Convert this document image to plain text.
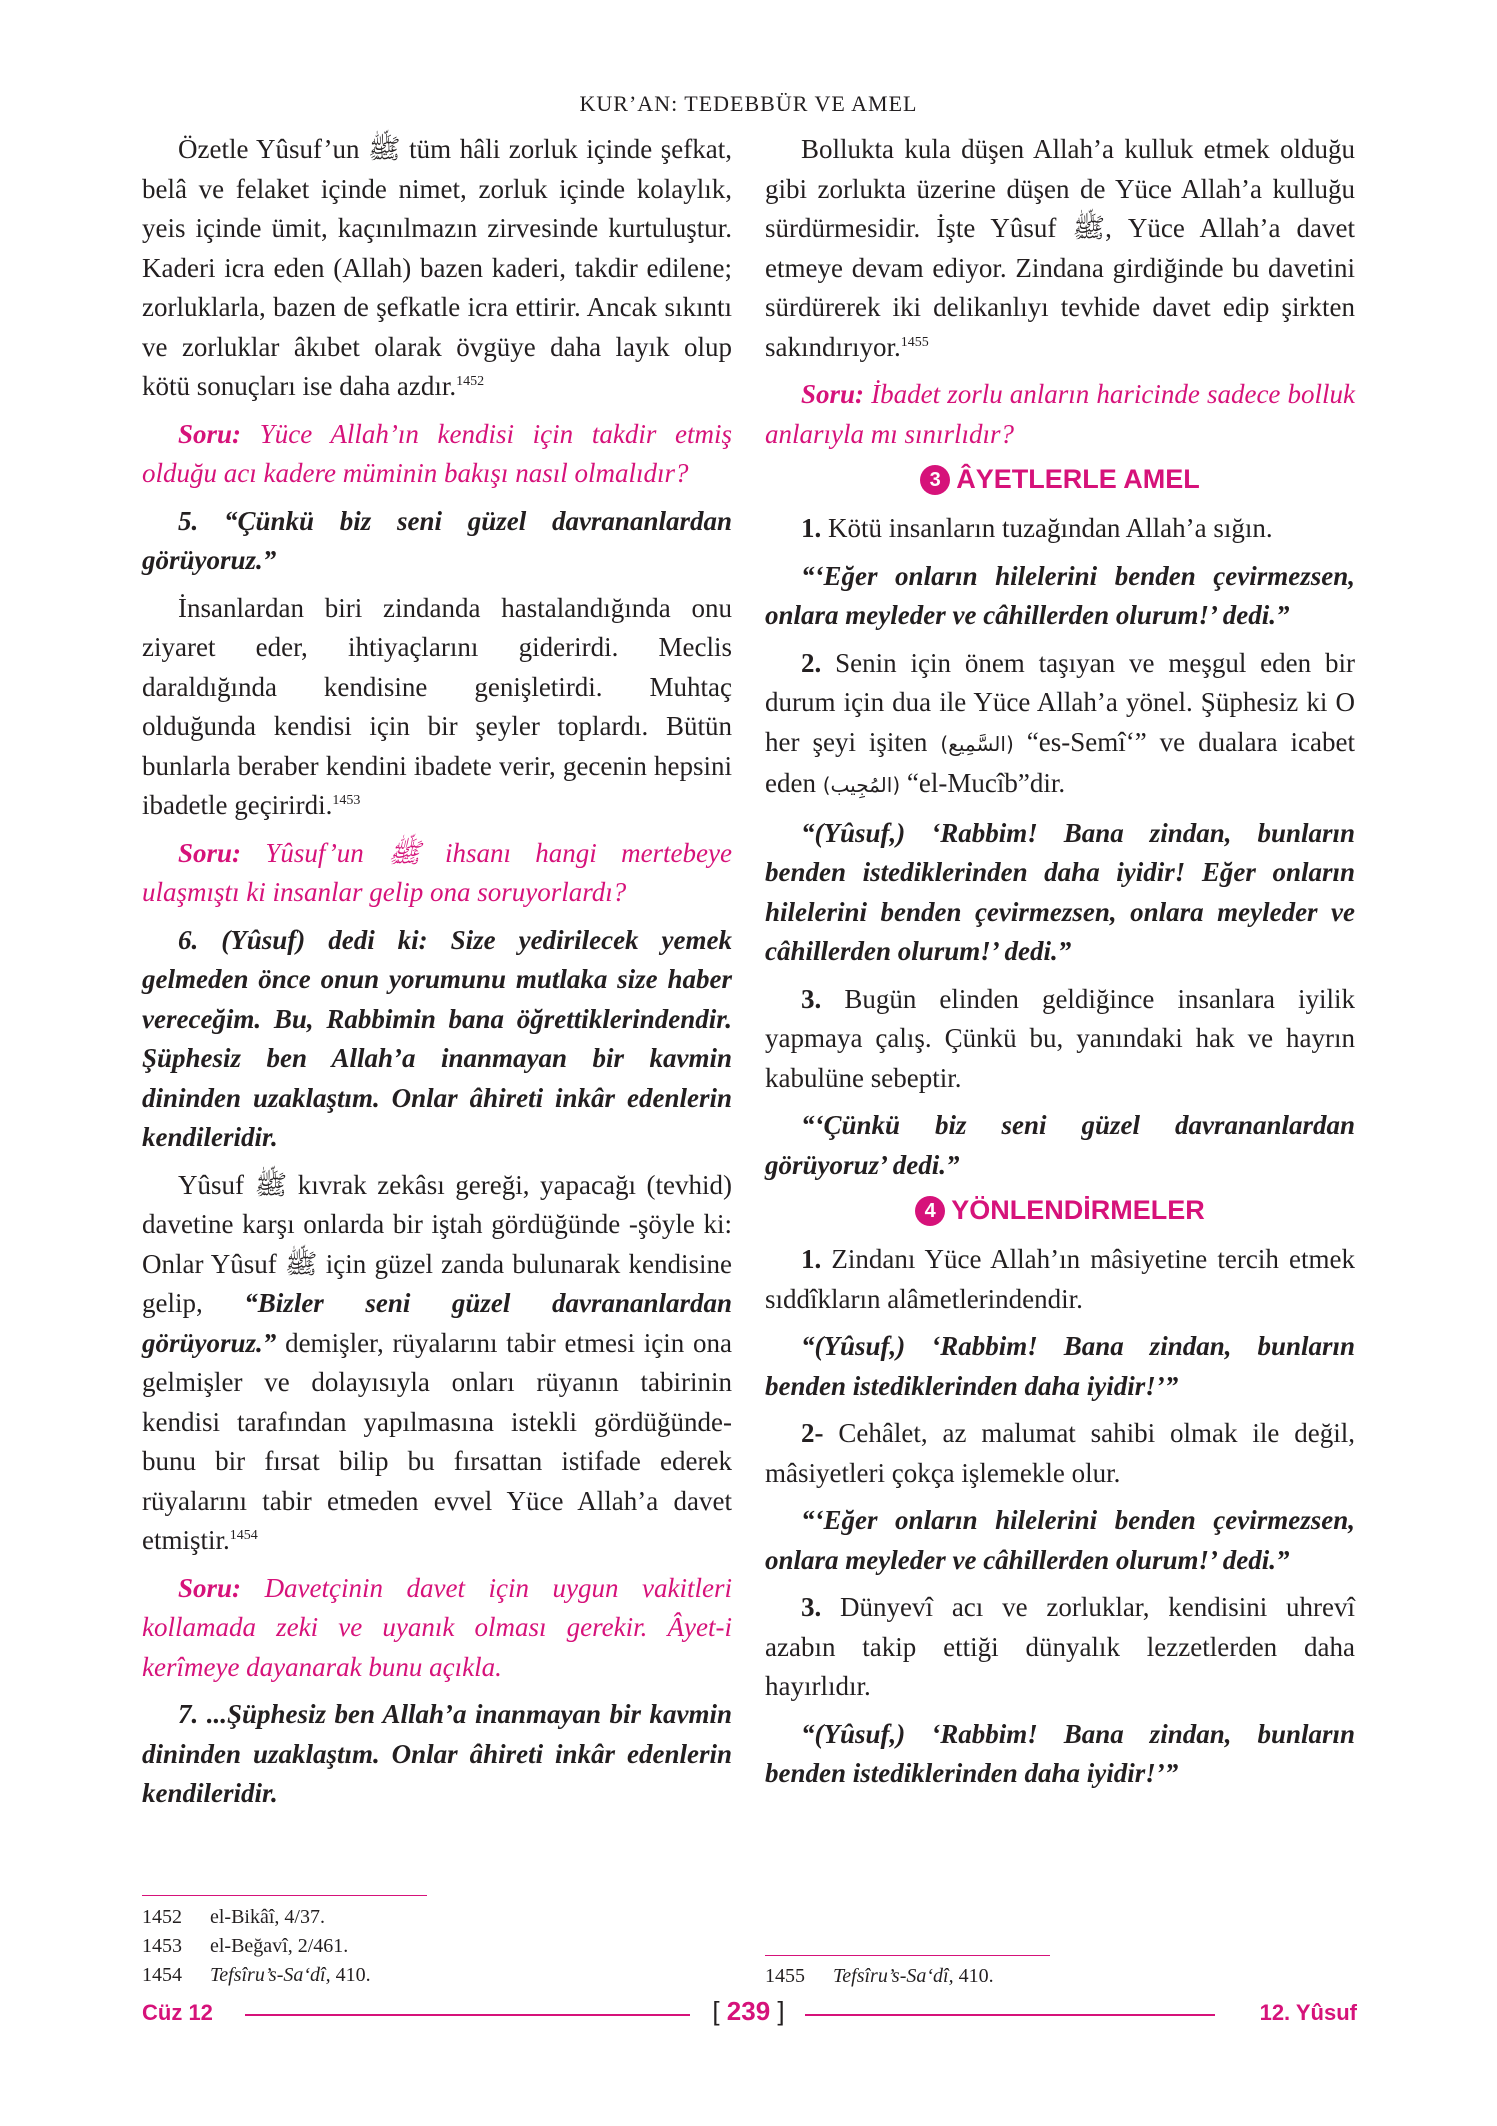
KUR’AN: TEDEBBÜR VE AMEL

Özetle Yûsuf’un ﷺ tüm hâli zorluk içinde şefkat, belâ ve felaket içinde nimet, zorluk içinde kolaylık, yeis içinde ümit, kaçınılmazın zirvesinde kurtuluştur. Kaderi icra eden (Allah) bazen kaderi, takdir edilene; zorluklarla, bazen de şefkatle icra ettirir. Ancak sıkıntı ve zorluklar âkıbet olarak övgüye daha layık olup kötü sonuçları ise daha azdır.$^{1452}$

Soru: Yüce Allah’ın kendisi için takdir etmiş olduğu acı kadere müminin bakışı nasıl olmalıdır?

5. “Çünkü biz seni güzel davrananlardan görüyoruz.”

İnsanlardan biri zindanda hastalandığında onu ziyaret eder, ihtiyaçlarını giderirdi. Meclis daraldığında kendisine genişletirdi. Muhtaç olduğunda kendisi için bir şeyler toplardı. Bütün bunlarla beraber kendini ibadete verir, gecenin hepsini ibadetle geçirirdi.$^{1453}$

Soru: Yûsuf’un ﷺ ihsanı hangi mertebeye ulaşmıştı ki insanlar gelip ona soruyorlardı?

6. (Yûsuf) dedi ki: Size yedirilecek yemek gelmeden önce onun yorumunu mutlaka size haber vereceğim. Bu, Rabbimin bana öğrettiklerindendir. Şüphesiz ben Allah’a inanmayan bir kavmin dininden uzaklaştım. Onlar âhireti inkâr edenlerin kendileridir.

Yûsuf ﷺ kıvrak zekâsı gereği, yapacağı (tevhid) davetine karşı onlarda bir iştah gördüğünde -şöyle ki: Onlar Yûsuf ﷺ için güzel zanda bulunarak kendisine gelip, “Bizler seni güzel davrananlardan görüyoruz.” demişler, rüyalarını tabir etmesi için ona gelmişler ve dolayısıyla onları rüyanın tabirinin kendisi tarafından yapılmasına istekli gördüğünde- bunu bir fırsat bilip bu fırsattan istifade ederek rüyalarını tabir etmeden evvel Yüce Allah’a davet etmiştir.$^{1454}$

Soru: Davetçinin davet için uygun vakitleri kollamada zeki ve uyanık olması gerekir. Âyet-i kerîmeye dayanarak bunu açıkla.

7. ...Şüphesiz ben Allah’a inanmayan bir kavmin dininden uzaklaştım. Onlar âhireti inkâr edenlerin kendileridir.

1452 el-Bikâî, 4/37.
1453 el-Beğavî, 2/461.
1454 Tefsîru’s-Sa‘dî, 410.

Bollukta kula düşen Allah’a kulluk etmek olduğu gibi zorlukta üzerine düşen de Yüce Allah’a kulluğu sürdürmesidir. İşte Yûsuf ﷺ, Yüce Allah’a davet etmeye devam ediyor. Zindana girdiğinde bu davetini sürdürerek iki delikanlıyı tevhide davet edip şirkten sakındırıyor.$^{1455}$

Soru: İbadet zorlu anların haricinde sadece bolluk anlarıyla mı sınırlıdır?

3 ÂYETLERLE AMEL

1. Kötü insanların tuzağından Allah’a sığın.

“‘Eğer onların hilelerini benden çevirmezsen, onlara meyleder ve câhillerden olurum!’ dedi.”

2. Senin için önem taşıyan ve meşgul eden bir durum için dua ile Yüce Allah’a yönel. Şüphesiz ki O her şeyi işiten (السَّمِيع) “es-Semî‘” ve dualara icabet eden (المُجِيب) “el-Mucîb”dir.

“(Yûsuf,) ‘Rabbim! Bana zindan, bunların benden istediklerinden daha iyidir! Eğer onların hilelerini benden çevirmezsen, onlara meyleder ve câhillerden olurum!’ dedi.”

3. Bugün elinden geldiğince insanlara iyilik yapmaya çalış. Çünkü bu, yanındaki hak ve hayrın kabulüne sebeptir.

“‘Çünkü biz seni güzel davrananlardan görüyoruz’ dedi.”

4 YÖNLENDİRMELER

1. Zindanı Yüce Allah’ın mâsiyetine tercih etmek sıddîkların alâmetlerindendir.

“(Yûsuf,) ‘Rabbim! Bana zindan, bunların benden istediklerinden daha iyidir!’”

2- Cehâlet, az malumat sahibi olmak ile değil, mâsiyetleri çokça işlemekle olur.

“‘Eğer onların hilelerini benden çevirmezsen, onlara meyleder ve câhillerden olurum!’ dedi.”

3. Dünyevî acı ve zorluklar, kendisini uhrevî azabın takip ettiği dünyalık lezzetlerden daha hayırlıdır.

“(Yûsuf,) ‘Rabbim! Bana zindan, bunların benden istediklerinden daha iyidir!’”

1455 Tefsîru’s-Sa‘dî, 410.
Cüz 12	[ 239 ]	12. Yûsuf
